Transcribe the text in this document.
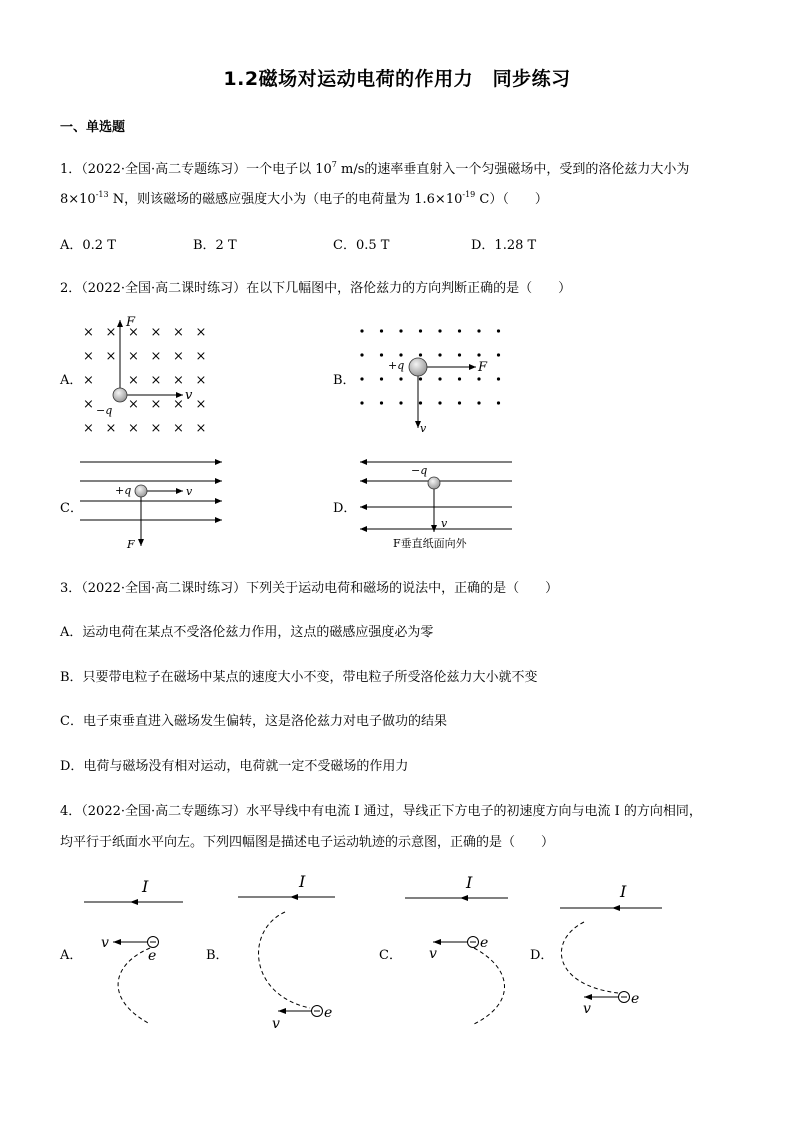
1.2磁场对运动电荷的作用力　同步练习
一、单选题
1．（2022·全国·高二专题练习）一个电子以 $10^7$ m/s的速率垂直射入一个匀强磁场中，受到的洛伦兹力大小为
$8\times 10^{-13}$ N，则该磁场的磁感应强度大小为（电子的电荷量为 $1.6\times 10^{-19}$ C）（　　）
A．0.2 T	B．2 T	C．0.5 T	D．1.28 T
2．（2022·全国·高二课时练习）在以下几幅图中，洛伦兹力的方向判断正确的是（　　）
A．	B．
C．	D．
× × × × × ×
× × × × × ×
×	× × × ×
×	× × × ×
× × × × × ×
F
v
−q
F
v
+q
+q	v
F
−q
v
F垂直纸面向外
3．（2022·全国·高二课时练习）下列关于运动电荷和磁场的说法中，正确的是（　　）
A．运动电荷在某点不受洛伦兹力作用，这点的磁感应强度必为零
B．只要带电粒子在磁场中某点的速度大小不变，带电粒子所受洛伦兹力大小就不变
C．电子束垂直进入磁场发生偏转，这是洛伦兹力对电子做功的结果
D．电荷与磁场没有相对运动，电荷就一定不受磁场的作用力
4．（2022·全国·高二专题练习）水平导线中有电流 I 通过，导线正下方电子的初速度方向与电流 I 的方向相同，
均平行于纸面水平向左。下列四幅图是描述电子运动轨迹的示意图，正确的是（　　）
A．	B．	C．	D．
I
v
e
I
v
e
I
v
e
I
v
e
